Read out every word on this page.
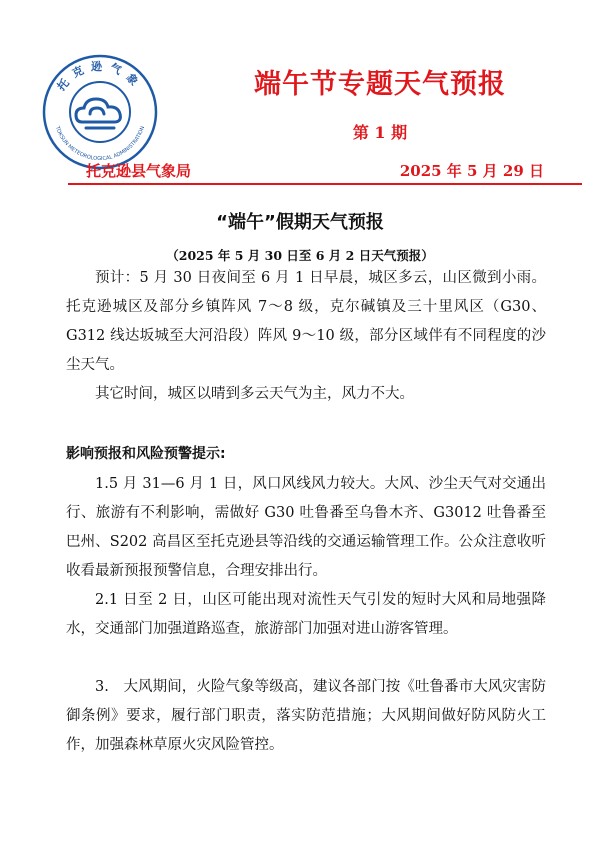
托克逊气象
TOKSUN METEOROLOGICAL ADMINISTRATION
端午节专题天气预报
第 1 期
托克逊县气象局	2025 年 5 月 29 日
“端午”假期天气预报
（2025 年 5 月 30 日至 6 月 2 日天气预报）

预计：5 月 30 日夜间至 6 月 1 日早晨，城区多云，山区微到小雨。托克逊城区及部分乡镇阵风 7～8 级，克尔碱镇及三十里风区（G30、G312 线达坂城至大河沿段）阵风 9～10 级，部分区域伴有不同程度的沙尘天气。

其它时间，城区以晴到多云天气为主，风力不大。

影响预报和风险预警提示:

1.5 月 31—6 月 1 日，风口风线风力较大。大风、沙尘天气对交通出行、旅游有不利影响，需做好 G30 吐鲁番至乌鲁木齐、G3012 吐鲁番至巴州、S202 高昌区至托克逊县等沿线的交通运输管理工作。公众注意收听收看最新预报预警信息，合理安排出行。

2.1 日至 2 日，山区可能出现对流性天气引发的短时大风和局地强降水，交通部门加强道路巡查，旅游部门加强对进山游客管理。

3.　大风期间，火险气象等级高，建议各部门按《吐鲁番市大风灾害防御条例》要求，履行部门职责，落实防范措施；大风期间做好防风防火工作，加强森林草原火灾风险管控。
